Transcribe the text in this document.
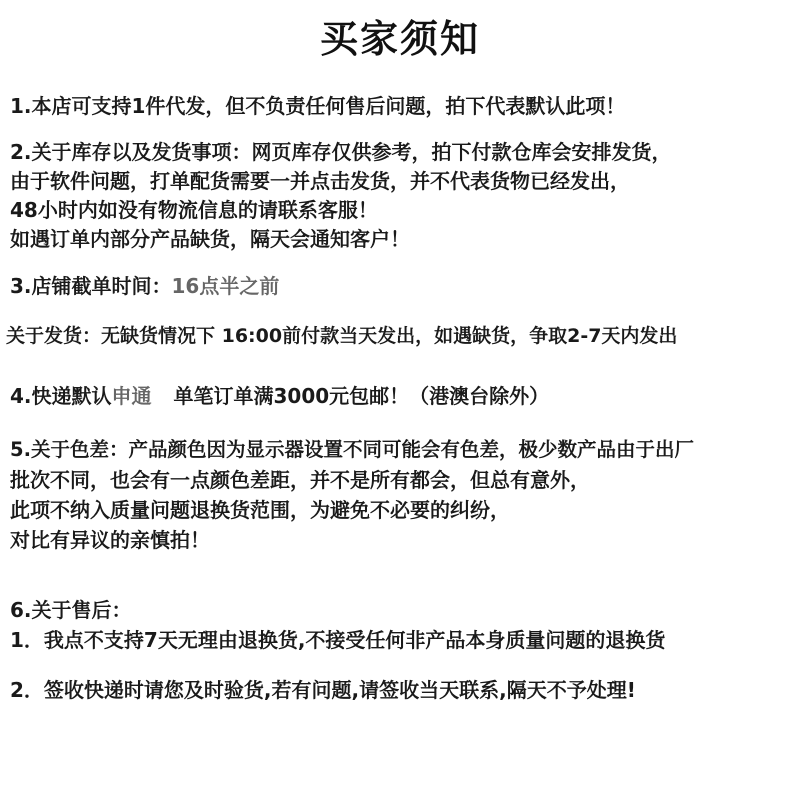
买家须知
1.本店可支持1件代发，但不负责任何售后问题，拍下代表默认此项！
2.关于库存以及发货事项：网页库存仅供参考，拍下付款仓库会安排发货，
由于软件问题，打单配货需要一并点击发货，并不代表货物已经发出，
48小时内如没有物流信息的请联系客服！
如遇订单内部分产品缺货，隔天会通知客户！
3.店铺截单时间：16点半之前
关于发货：无缺货情况下 16:00前付款当天发出，如遇缺货，争取2-7天内发出
4.快递默认申通 单笔订单满3000元包邮！（港澳台除外）
5.关于色差：产品颜色因为显示器设置不同可能会有色差，极少数产品由于出厂
批次不同，也会有一点颜色差距，并不是所有都会，但总有意外，
此项不纳入质量问题退换货范围，为避免不必要的纠纷，
对比有异议的亲慎拍！
6.关于售后：
1．我点不支持7天无理由退换货,不接受任何非产品本身质量问题的退换货
2．签收快递时请您及时验货,若有问题,请签收当天联系,隔天不予处理!
